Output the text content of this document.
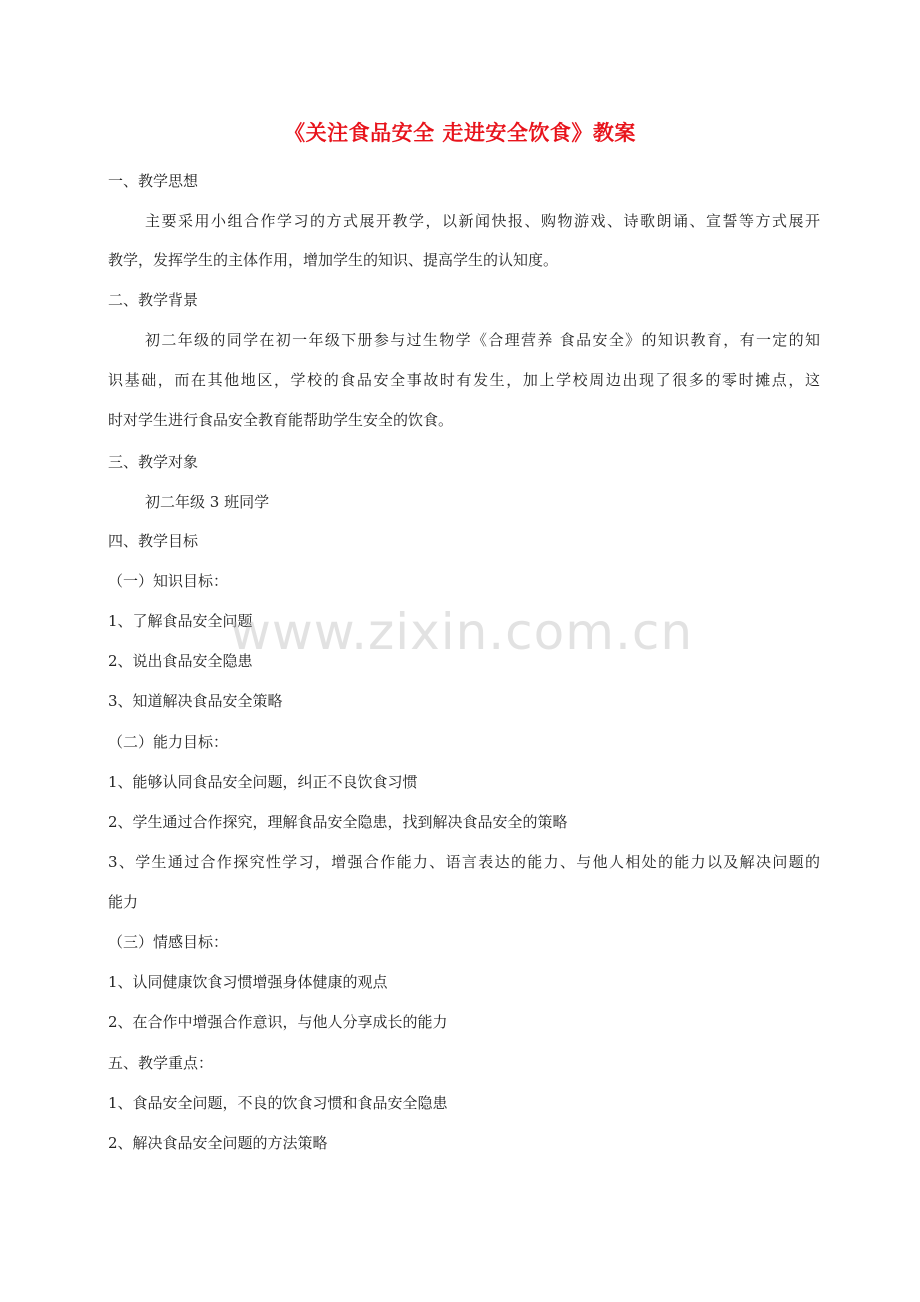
《关注食品安全 走进安全饮食》教案
一、教学思想
主要采用小组合作学习的方式展开教学，以新闻快报、购物游戏、诗歌朗诵、宣誓等方式展开
教学，发挥学生的主体作用，增加学生的知识、提高学生的认知度。
二、教学背景
初二年级的同学在初一年级下册参与过生物学《合理营养 食品安全》的知识教育，有一定的知
识基础，而在其他地区，学校的食品安全事故时有发生，加上学校周边出现了很多的零时摊点，这
时对学生进行食品安全教育能帮助学生安全的饮食。
三、教学对象
初二年级 3 班同学
四、教学目标
（一）知识目标：
1、了解食品安全问题
2、说出食品安全隐患
3、知道解决食品安全策略
（二）能力目标：
1、能够认同食品安全问题，纠正不良饮食习惯
2、学生通过合作探究，理解食品安全隐患，找到解决食品安全的策略
3、学生通过合作探究性学习，增强合作能力、语言表达的能力、与他人相处的能力以及解决问题的
能力
（三）情感目标：
1、认同健康饮食习惯增强身体健康的观点
2、在合作中增强合作意识，与他人分享成长的能力
五、教学重点：
1、食品安全问题，不良的饮食习惯和食品安全隐患
2、解决食品安全问题的方法策略
www.zixin.com.cn
